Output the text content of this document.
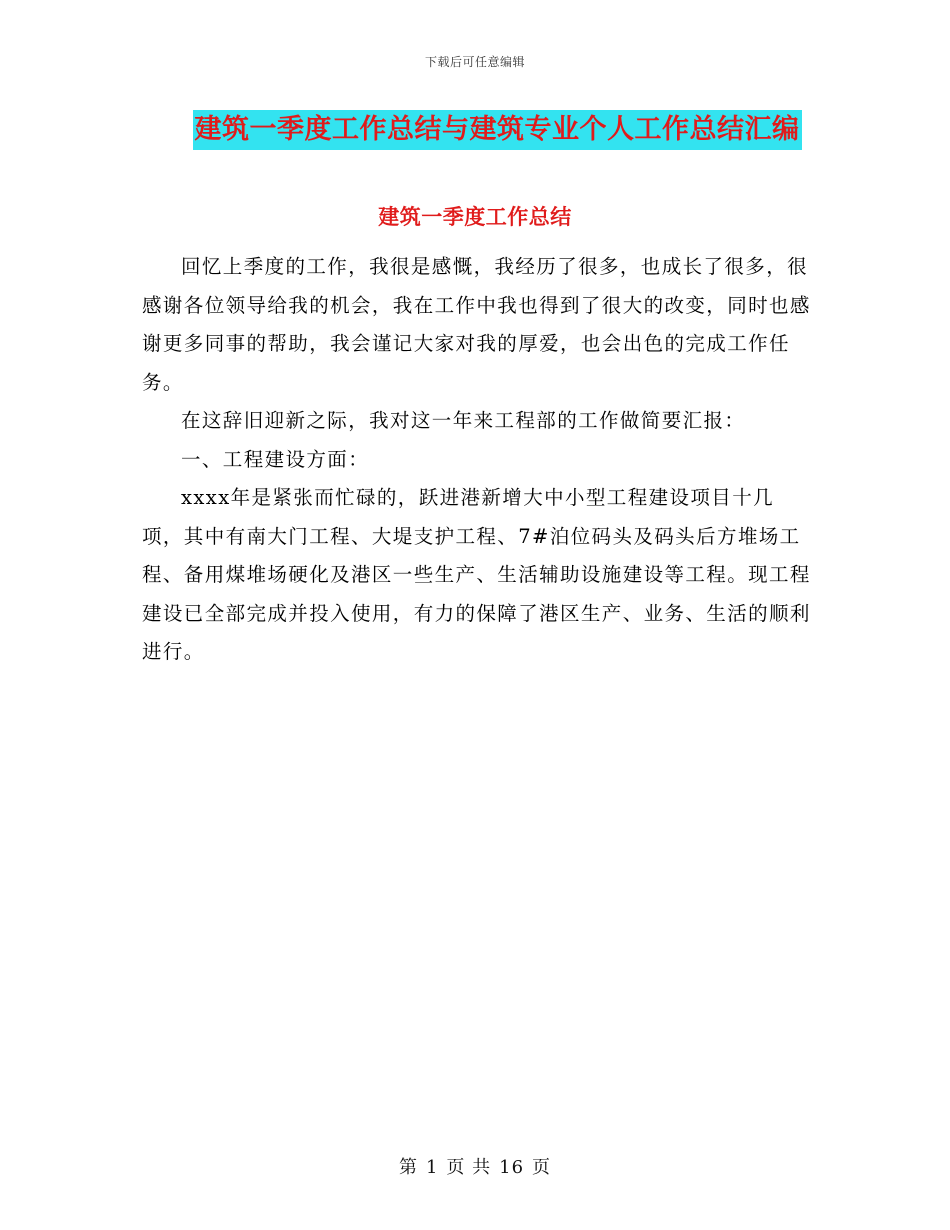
下载后可任意编辑
建筑一季度工作总结与建筑专业个人工作总结汇编
建筑一季度工作总结

回忆上季度的工作，我很是感慨，我经历了很多，也成长了很多，很感谢各位领导给我的机会，我在工作中我也得到了很大的改变，同时也感谢更多同事的帮助，我会谨记大家对我的厚爱，也会出色的完成工作任务。

在这辞旧迎新之际，我对这一年来工程部的工作做简要汇报：

一、工程建设方面：

xxxx年是紧张而忙碌的，跃进港新增大中小型工程建设项目十几项，其中有南大门工程、大堤支护工程、7#泊位码头及码头后方堆场工程、备用煤堆场硬化及港区一些生产、生活辅助设施建设等工程。现工程建设已全部完成并投入使用，有力的保障了港区生产、业务、生活的顺利进行。

第 1 页 共 16 页
